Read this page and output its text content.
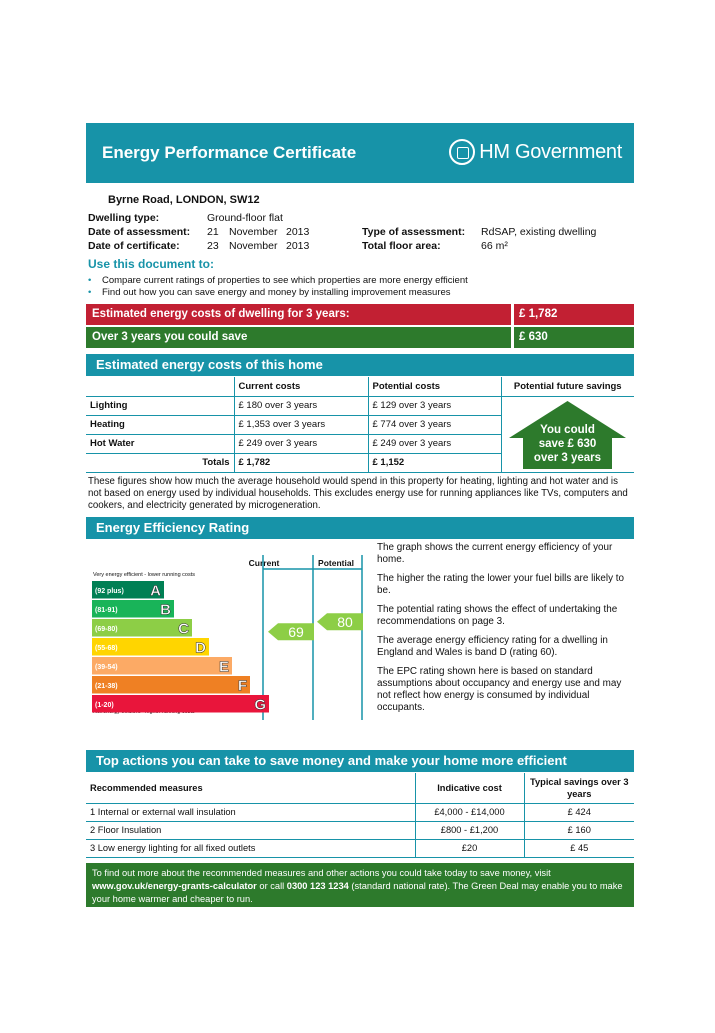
Energy Performance Certificate	HM Government
Byrne Road, LONDON, SW12
Dwelling type:	Ground-floor flat
Date of assessment: 21 November 2013
Date of certificate:	23 November 2013
Type of assessment: RdSAP, existing dwelling
Total floor area:	66 m²
Use this document to:
• Compare current ratings of properties to see which properties are more energy efficient
• Find out how you can save energy and money by installing improvement measures
Estimated energy costs of dwelling for 3 years:	£ 1,782
Over 3 years you could save	£ 630
Estimated energy costs of this home
	Current costs	Potential costs	Potential future savings
Lighting	£ 180 over 3 years	£ 129 over 3 years	
Heating	£ 1,353 over 3 years	£ 774 over 3 years	
Hot Water	£ 249 over 3 years	£ 249 over 3 years	
Totals	£ 1,782	£ 1,152	
You could
save £ 630
over 3 years
These figures show how much the average household would spend in this property for heating, lighting and hot water and is not based on energy used by individual households. This excludes energy use for running appliances like TVs, computers and cookers, and electricity generated by microgeneration.
Energy Efficiency Rating
Current	Potential
Very energy efficient - lower running costs
(92 plus) A
(81-91)	B
(69-80)	C
(55-68)	D
(39-54)	E
(21-38)	F
(1-20)	G
69
80

The graph shows the current energy efficiency of your home.

The higher the rating the lower your fuel bills are likely to be.

The potential rating shows the effect of undertaking the recommendations on page 3.

The average energy efficiency rating for a dwelling in England and Wales is band D (rating 60).

The EPC rating shown here is based on standard assumptions about occupancy and energy use and may not reflect how energy is consumed by individual occupants.

Top actions you can take to save money and make your home more efficient
Recommended measures	Indicative cost	Typical savings over 3 years
1 Internal or external wall insulation	£4,000 - £14,000	£ 424
2 Floor Insulation	£800 - £1,200	£ 160
3 Low energy lighting for all fixed outlets	£20	£ 45
To find out more about the recommended measures and other actions you could take today to save money, visit
www.gov.uk/energy-grants-calculator or call 0300 123 1234 (standard national rate). The Green Deal may enable you to make your home warmer and cheaper to run.
